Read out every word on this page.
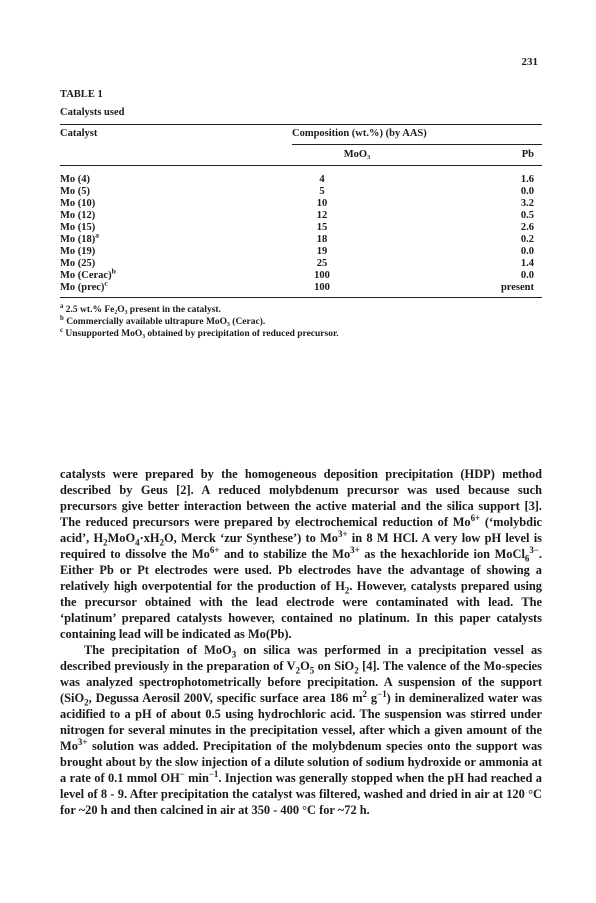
231
TABLE 1
Catalysts used
Catalyst	Composition (wt.%) (by AAS)	
	MoO₃	Pb
Mo (4)	4	1.6
Mo (5)	5	0.0
Mo (10)	10	3.2
Mo (12)	12	0.5
Mo (15)	15	2.6
Mo $(18)^a$	18	0.2
Mo (19)	19	0.0
Mo (25)	25	1.4
Mo (Cerac)$^b$	100	0.0
Mo (prec)$^c$	100	present
$^a$ 2.5 wt.% Fe₂O₃ present in the catalyst.
$^b$ Commercially available ultrapure MoO₃ (Cerac).
$^c$ Unsupported MoO₃ obtained by precipitation of reduced precursor.

catalysts were prepared by the homogeneous deposition precipitation (HDP) method described by Geus [2]. A reduced molybdenum precursor was used because such precursors give better interaction between the active material and the silica support [3]. The reduced precursors were prepared by electrochemical reduction of $Mo^{6+}$ (‘molybdic acid’, $H_2MoO_4\cdot xH_2O$, Merck ‘zur Synthese’) to $Mo^{3+}$ in 8 M HCl. A very low pH level is required to dissolve the $Mo^{6+}$ and to stabilize the $Mo^{3+}$ as the hexachloride ion MoCl$_6^{3-}$. Either Pb or Pt electrodes were used. Pb electrodes have the advantage of showing a relatively high overpotential for the production of $H_2$. However, catalysts prepared using the precursor obtained with the lead electrode were contaminated with lead. The ‘platinum’ prepared catalysts however, contained no platinum. In this paper catalysts containing lead will be indicated as Mo(Pb).

The precipitation of MoO$_3$ on silica was performed in a precipitation vessel as described previously in the preparation of $V_2O_5$ on SiO$_2$ [4]. The valence of the Mo-species was analyzed spectrophotometrically before precipitation. A suspension of the support (SiO$_2$, Degussa Aerosil 200V, specific surface area 186 $m^2$ $g^{-1}$) in demineralized water was acidified to a pH of about 0.5 using hydrochloric acid. The suspension was stirred under nitrogen for several minutes in the precipitation vessel, after which a given amount of the $Mo^{3+}$ solution was added. Precipitation of the molybdenum species onto the support was brought about by the slow injection of a dilute solution of sodium hydroxide or ammonia at a rate of 0.1 mmol OH− $\min^{-1}$. Injection was generally stopped when the pH had reached a level of 8 - 9. After precipitation the catalyst was filtered, washed and dried in air at 120 °C for ~20 h and then calcined in air at 350 - 400 °C for ~72 h.
